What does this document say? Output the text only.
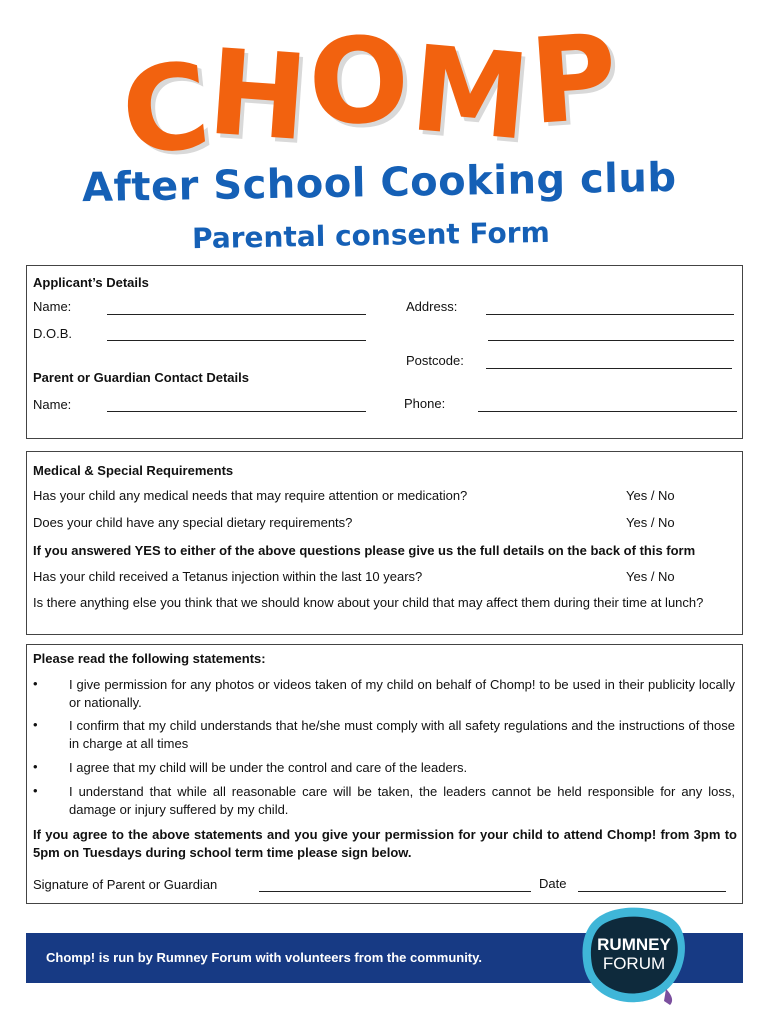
CHOMP
After School Cooking club
Parental consent Form
Applicant’s Details
Name:	Address:
D.O.B.
Postcode:
Parent or Guardian Contact Details
Name:	Phone:
Medical & Special Requirements
Has your child any medical needs that may require attention or medication?	Yes / No
Does your child have any special dietary requirements?	Yes / No
If you answered YES to either of the above questions please give us the full details on the back of this form
Has your child received a Tetanus injection within the last 10 years?	Yes / No
Is there anything else you think that we should know about your child that may affect them during their time at lunch?
Please read the following statements:
• I give permission for any photos or videos taken of my child on behalf of Chomp! to be used in their publicity locally or nationally.
• I confirm that my child understands that he/she must comply with all safety regulations and the instructions of those in charge at all times
• I agree that my child will be under the control and care of the leaders.
• I understand that while all reasonable care will be taken, the leaders cannot be held responsible for any loss, damage or injury suffered by my child.
If you agree to the above statements and you give your permission for your child to attend Chomp! from 3pm to 5pm on Tuesdays during school term time please sign below.
Signature of Parent or Guardian	Date
Chomp! is run by Rumney Forum with volunteers from the community.
RUMNEY
FORUM
